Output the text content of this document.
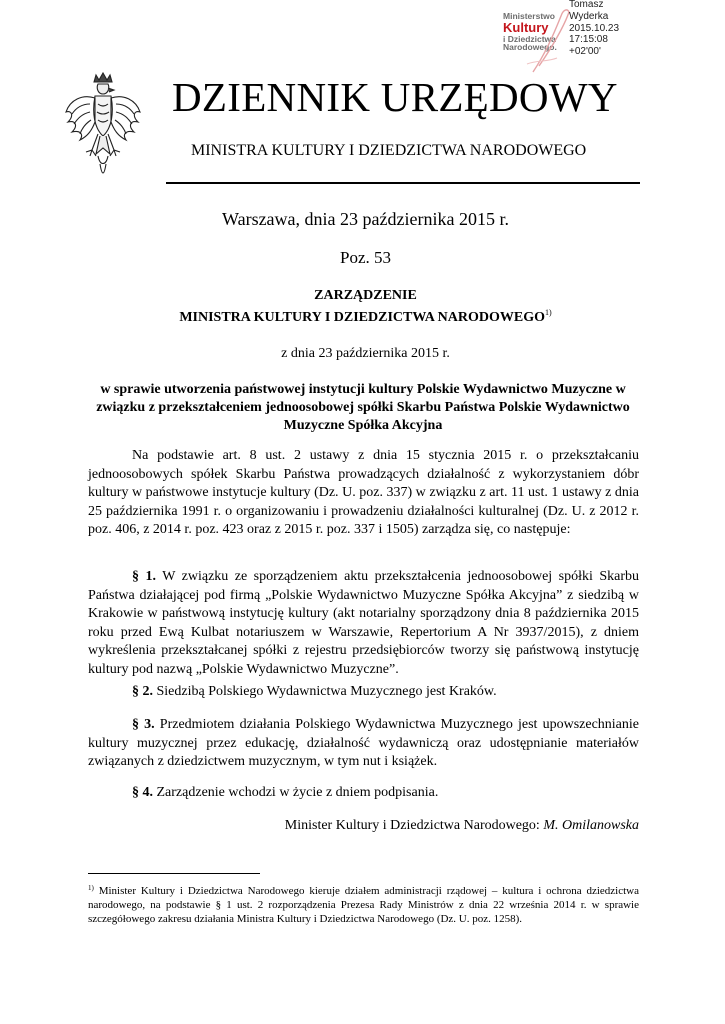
Ministerstwo
Kultury
i Dziedzictwa
Narodowego.
Tomasz
Wyderka
2015.10.23
17:15:08
+02'00'
DZIENNIK URZĘDOWY
MINISTRA KULTURY I DZIEDZICTWA NARODOWEGO
Warszawa, dnia 23 października 2015 r.
Poz. 53
ZARZĄDZENIE
MINISTRA KULTURY I DZIEDZICTWA NARODOWEGO$^{1)}$
z dnia 23 października 2015 r.
w sprawie utworzenia państwowej instytucji kultury Polskie Wydawnictwo Muzyczne w związku z przekształceniem jednoosobowej spółki Skarbu Państwa Polskie Wydawnictwo Muzyczne Spółka Akcyjna
Na podstawie art. 8 ust. 2 ustawy z dnia 15 stycznia 2015 r. o przekształcaniu jednoosobowych spółek Skarbu Państwa prowadzących działalność z wykorzystaniem dóbr kultury w państwowe instytucje kultury (Dz. U. poz. 337) w związku z art. 11 ust. 1 ustawy z dnia 25 października 1991 r. o organizowaniu i prowadzeniu działalności kulturalnej (Dz. U. z 2012 r. poz. 406, z 2014 r. poz. 423 oraz z 2015 r. poz. 337 i 1505) zarządza się, co następuje:
§ 1. W związku ze sporządzeniem aktu przekształcenia jednoosobowej spółki Skarbu Państwa działającej pod firmą „Polskie Wydawnictwo Muzyczne Spółka Akcyjna” z siedzibą w Krakowie w państwową instytucję kultury (akt notarialny sporządzony dnia 8 października 2015 roku przed Ewą Kulbat notariuszem w Warszawie, Repertorium A Nr 3937/2015), z dniem wykreślenia przekształcanej spółki z rejestru przedsiębiorców tworzy się państwową instytucję kultury pod nazwą „Polskie Wydawnictwo Muzyczne”.
§ 2. Siedzibą Polskiego Wydawnictwa Muzycznego jest Kraków.
§ 3. Przedmiotem działania Polskiego Wydawnictwa Muzycznego jest upowszechnianie kultury muzycznej przez edukację, działalność wydawniczą oraz udostępnianie materiałów związanych z dziedzictwem muzycznym, w tym nut i książek.
§ 4. Zarządzenie wchodzi w życie z dniem podpisania.
Minister Kultury i Dziedzictwa Narodowego: M. Omilanowska
$^{1)}$ Minister Kultury i Dziedzictwa Narodowego kieruje działem administracji rządowej – kultura i ochrona dziedzictwa narodowego, na podstawie § 1 ust. 2 rozporządzenia Prezesa Rady Ministrów z dnia 22 września 2014 r. w sprawie szczegółowego zakresu działania Ministra Kultury i Dziedzictwa Narodowego (Dz. U. poz. 1258).
